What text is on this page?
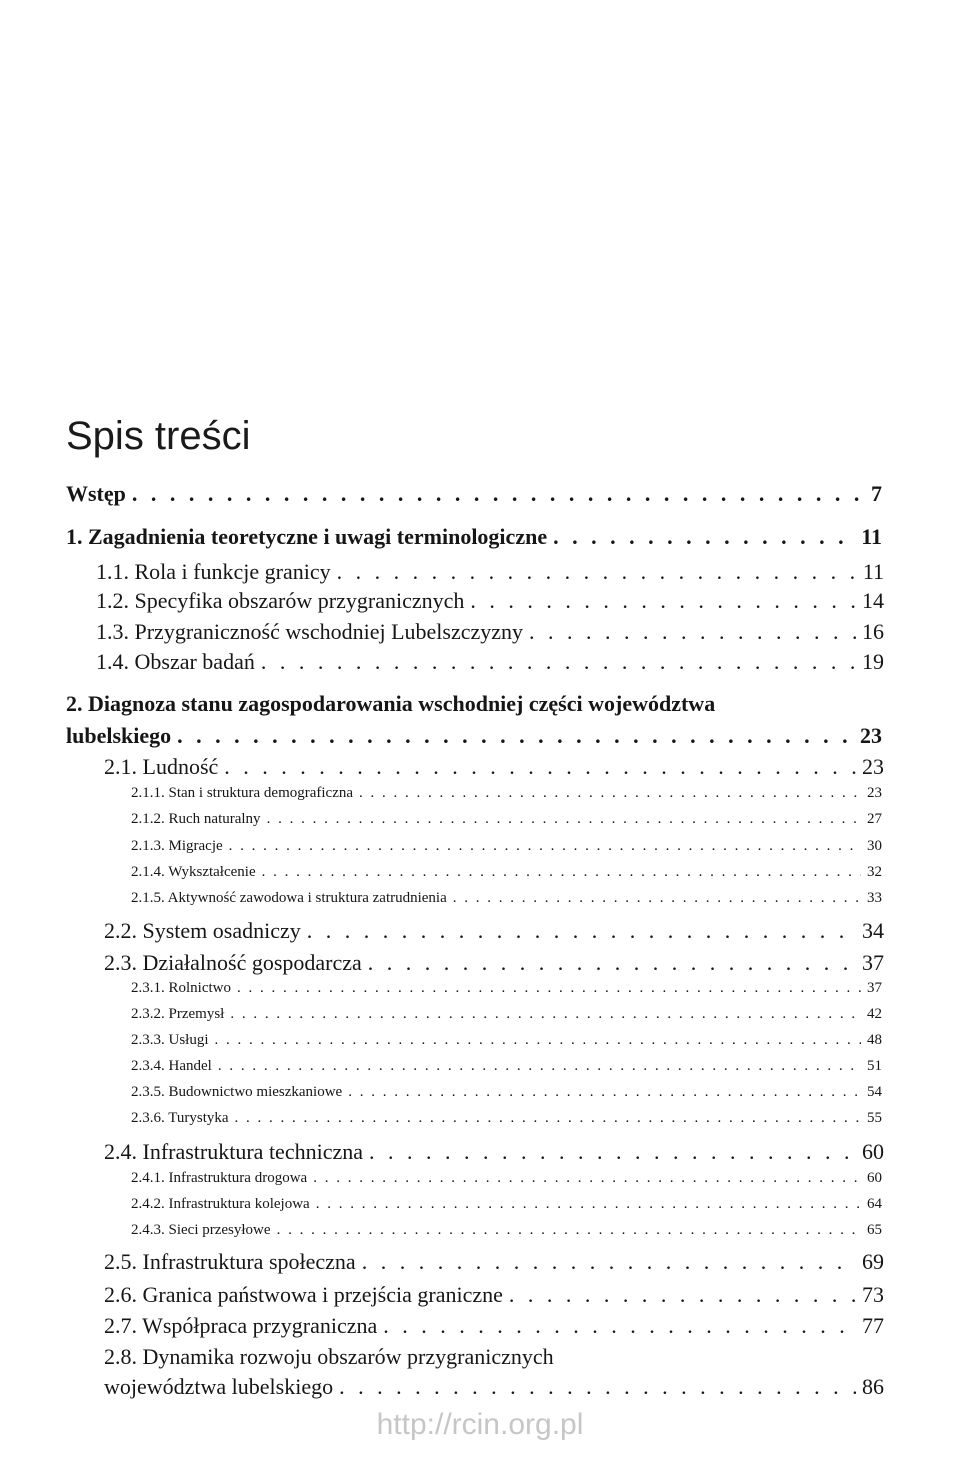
Spis treści
Wstęp . . .	7
1. Zagadnienia teoretyczne i uwagi terminologiczne . . .	11
1.1. Rola i funkcje granicy . . .	11
1.2. Specyfika obszarów przygranicznych . . .	14
1.3. Przygraniczność wschodniej Lubelszczyzny . . .	16
1.4. Obszar badań . . .	19
2. Diagnoza stanu zagospodarowania wschodniej części województwa
lubelskiego . . .	23
2.1. Ludność . . .	23
2.1.1. Stan i struktura demograficzna . . .	23
2.1.2. Ruch naturalny . . .	27
2.1.3. Migracje . . .	30
2.1.4. Wykształcenie . . .	32
2.1.5. Aktywność zawodowa i struktura zatrudnienia . . .	33
2.2. System osadniczy . . .	34
2.3. Działalność gospodarcza . . .	37
2.3.1. Rolnictwo . . .	37
2.3.2. Przemysł . . .	42
2.3.3. Usługi . . .	48
2.3.4. Handel . . .	51
2.3.5. Budownictwo mieszkaniowe . . .	54
2.3.6. Turystyka . . .	55
2.4. Infrastruktura techniczna . . .	60
2.4.1. Infrastruktura drogowa . . .	60
2.4.2. Infrastruktura kolejowa . . .	64
2.4.3. Sieci przesyłowe . . .	65
2.5. Infrastruktura społeczna . . .	69
2.6. Granica państwowa i przejścia graniczne . . .	73
2.7. Współpraca przygraniczna . . .	77
2.8. Dynamika rozwoju obszarów przygranicznych
województwa lubelskiego . . .	86
http://rcin.org.pl
